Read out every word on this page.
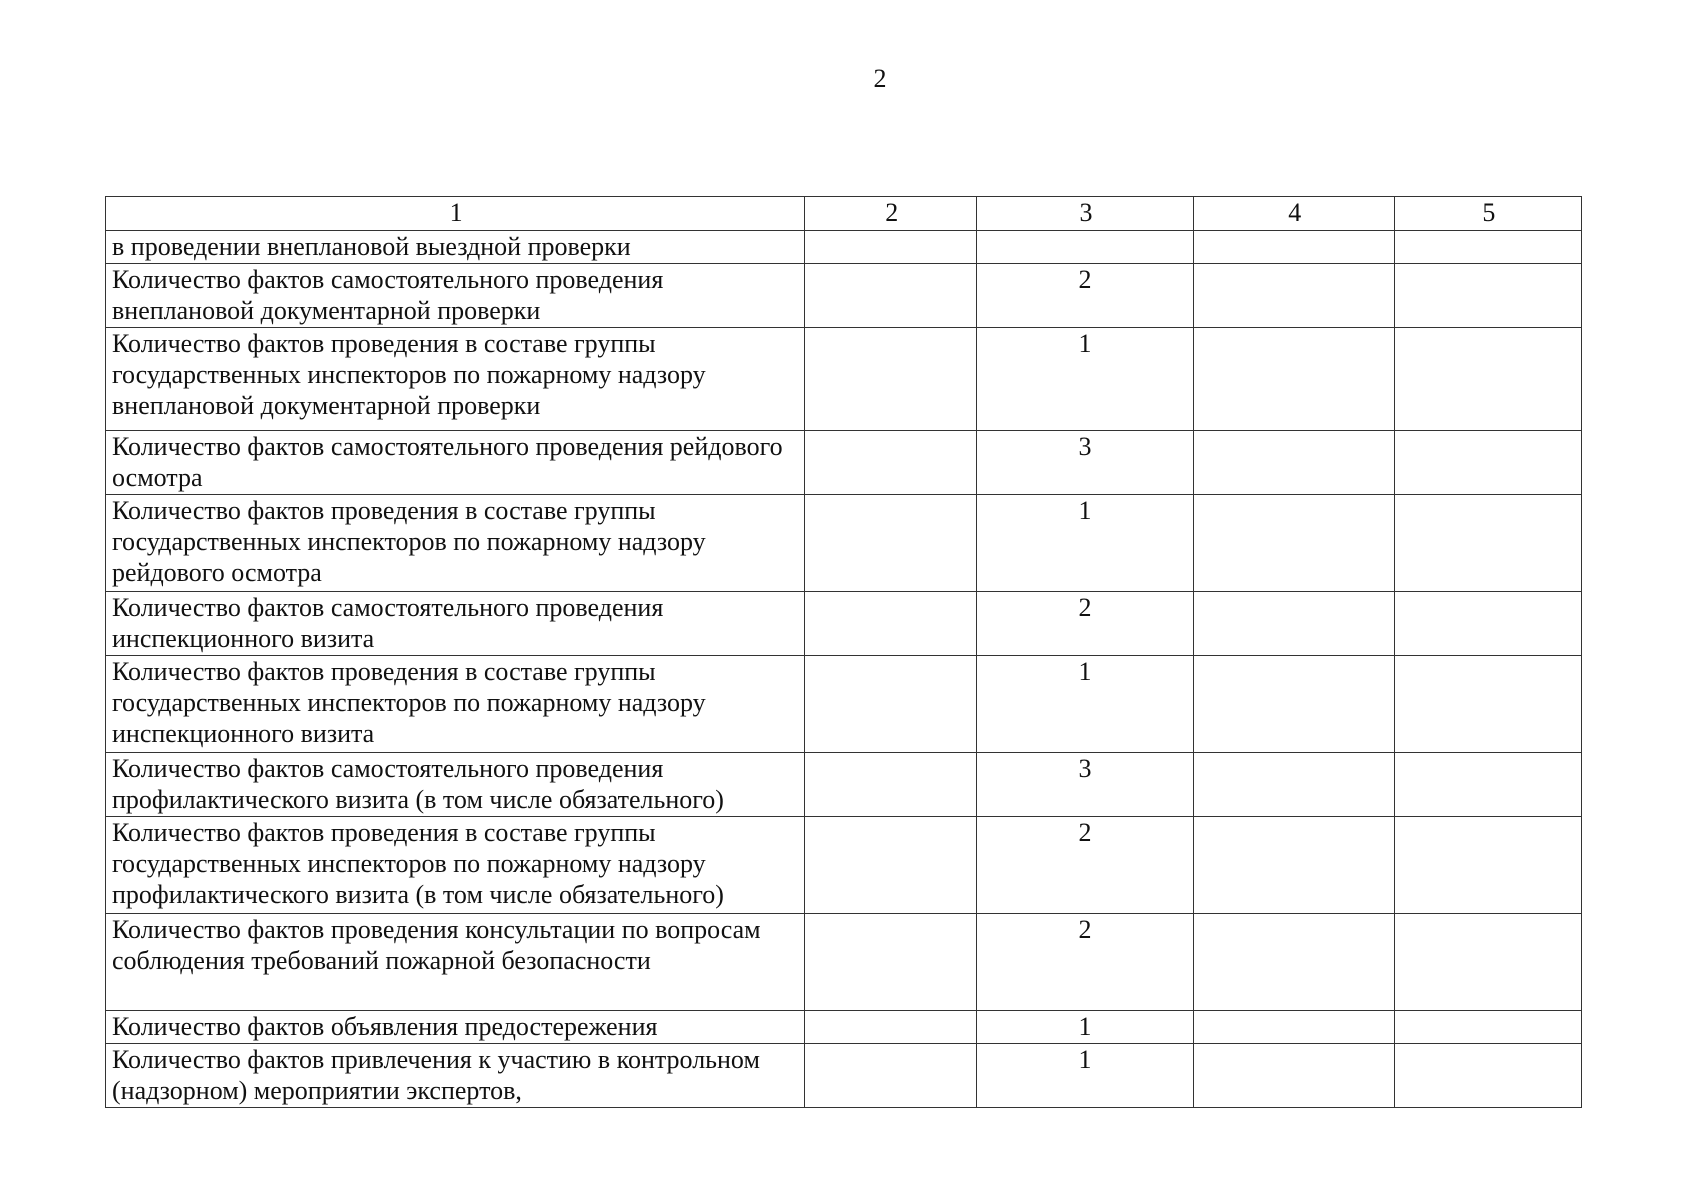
2
1	2	3	4	5
в проведении внеплановой выездной проверки				
Количество фактов самостоятельного проведения внеплановой документарной проверки		2		
Количество фактов проведения в составе группы государственных инспекторов по пожарному надзору внеплановой документарной проверки		1		
Количество фактов самостоятельного проведения рейдового осмотра		3		
Количество фактов проведения в составе группы государственных инспекторов по пожарному надзору рейдового осмотра		1		
Количество фактов самостоятельного проведения инспекционного визита		2		
Количество фактов проведения в составе группы государственных инспекторов по пожарному надзору инспекционного визита		1		
Количество фактов самостоятельного проведения профилактического визита (в том числе обязательного)		3		
Количество фактов проведения в составе группы государственных инспекторов по пожарному надзору профилактического визита (в том числе обязательного)		2		
Количество фактов проведения консультации по вопросам соблюдения требований пожарной безопасности		2		
Количество фактов объявления предостережения		1		
Количество фактов привлечения к участию в контрольном (надзорном) мероприятии экспертов,		1		
